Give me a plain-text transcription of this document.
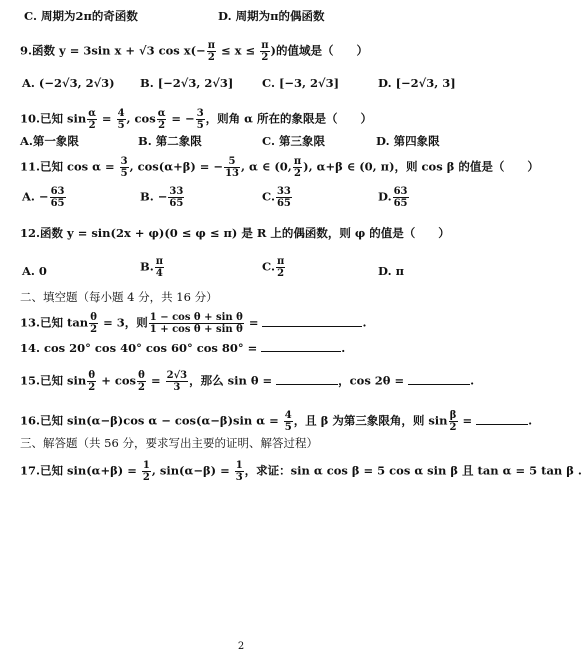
C. 周期为2π的奇函数	D. 周期为π的偶函数
9.函数 y = 3sin x + √3 $\cos x(- \frac{\pi}{2} \le x \le \frac{\pi}{2}$ )的值域是（　　）
A. (−2√3, 2√3) B. [−2√3, 2√3] C. [−3, 2√3]	D. [−2√3, 3]
10.已知 $\sin \frac{\alpha}{2} = \frac{4}{5}$ , $\cos \frac{\alpha}{2}$ = − $\frac{3}{5}$ ，则角 α 所在的象限是（　　）
A.第一象限	B. 第二象限	C. 第三象限	D. 第四象限
11.已知 $\cos \alpha = \frac{3}{5}$ , cos(α+β) = − $\frac{5}{13}$ , α ∈ (0, $\frac{\pi}{2}$ ), α+β ∈ (0, π)，则 cos β 的值是（　　）
A. − $\frac{63}{65}$	B. − $\frac{33}{65}$	C. $\frac{33}{65}$	D. $\frac{63}{65}$
12.函数 y = sin(2x + φ)(0 ≤ φ ≤ π) 是 R 上的偶函数，则 φ 的值是（　　）
A. 0	B. $\frac{\pi}{4}$	C. $\frac{\pi}{2}$	D. π
二、填空题（每小题 4 分，共 16 分）
13.已知 $\tan \frac{\theta}{2} = 3$，则 $\frac{\text{1 − cos θ + sin θ}}{\text{1 + cos θ + sin θ}}$ =	.
14. cos 20° cos 40° cos 60° cos 80° =	.
15.已知 $\sin \frac{\theta}{2} + \cos \frac{\theta}{2} = \frac{2√3}{3}$ ，那么 sin θ =	，cos 2θ =	.
16.已知 sin(α−β)cos α − cos(α−β)sin $\alpha = \frac{4}{5}$ ，且 β 为第三象限角，则 $\sin \frac{\beta}{2}$ =	.
三、解答题（共 56 分，要求写出主要的证明、解答过程）
17.已知 $\sin(\alpha+\beta) = \frac{1}{2}$ , $\sin(\alpha-\beta) = \frac{1}{3}$ ，求证：sin α cos β = 5 cos α sin β 且 tan α = 5 tan β .
2
